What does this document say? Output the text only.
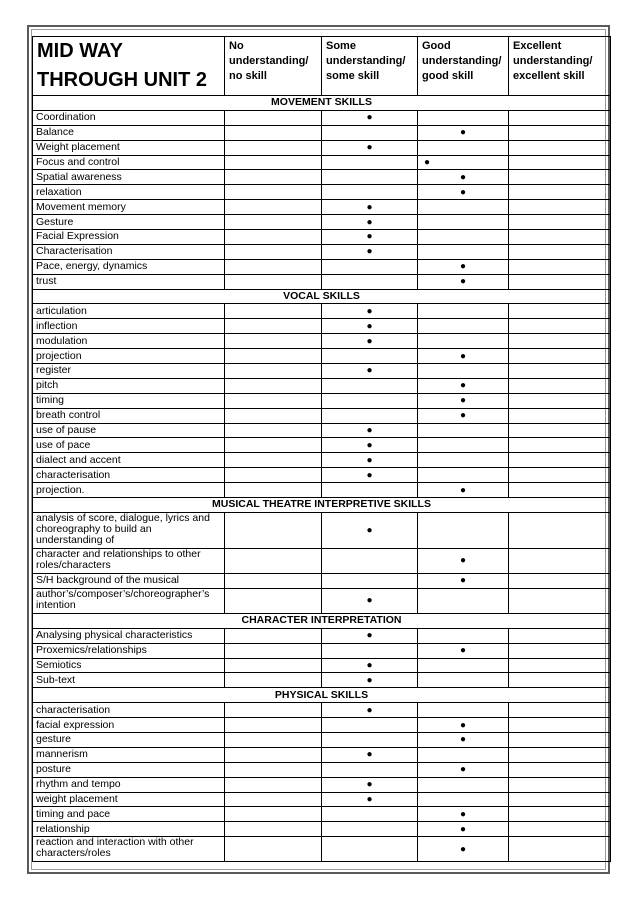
MID WAY THROUGH UNIT 2	No understanding/ no skill	Some understanding/ some skill	Good understanding/ good skill	Excellent understanding/ excellent skill
MOVEMENT SKILLS				
Coordination		●		
Balance			●	
Weight placement		●		
Focus and control			●	
Spatial awareness			●	
relaxation			●	
Movement memory		●		
Gesture		●		
Facial Expression		●		
Characterisation		●		
Pace, energy, dynamics			●	
trust			●	
VOCAL SKILLS				
articulation		●		
inflection		●		
modulation		●		
projection			●	
register		●		
pitch			●	
timing			●	
breath control			●	
use of pause		●		
use of pace		●		
dialect and accent		●		
characterisation		●		
projection.			●	
MUSICAL THEATRE INTERPRETIVE SKILLS				
analysis of score, dialogue, lyrics and choreography to build an understanding of		●		
character and relationships to other roles/characters			●	
S/H background of the musical			●	
author’s/composer’s/choreographer’s intention		●		
CHARACTER INTERPRETATION				
Analysing physical characteristics		●		
Proxemics/relationships			●	
Semiotics		●		
Sub-text		●		
PHYSICAL SKILLS				
characterisation		●		
facial expression			●	
gesture			●	
mannerism		●		
posture			●	
rhythm and tempo		●		
weight placement		●		
timing and pace			●	
relationship			●	
reaction and interaction with other characters/roles			●	
